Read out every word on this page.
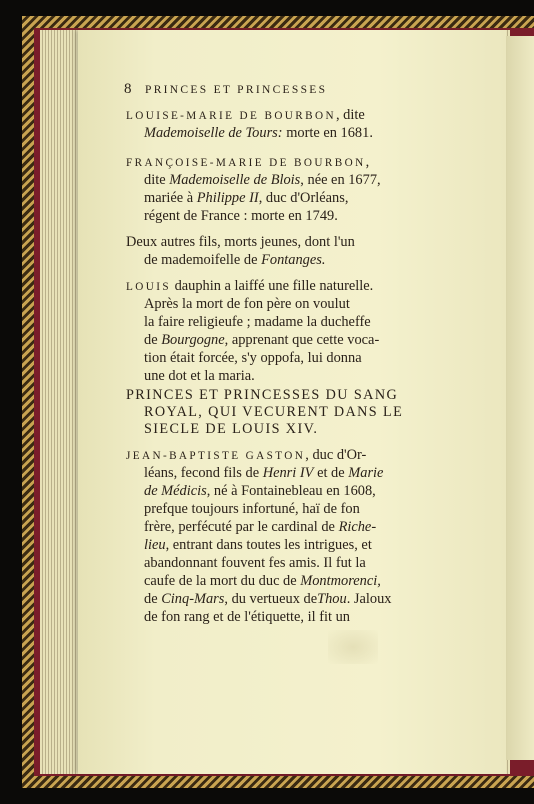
8 PRINCES ET PRINCESSES
LOUISE-MARIE DE BOURBON, dite
Mademoiselle de Tours: morte en 1681.
FRANÇOISE-MARIE DE BOURBON,
dite Mademoiselle de Blois, née en 1677,
mariée à Philippe II, duc d'Orléans,
régent de France : morte en 1749.
Deux autres fils, morts jeunes, dont l'un
de mademoifelle de Fontanges.
LOUIS dauphin a laiffé une fille naturelle.
Après la mort de fon père on voulut
la faire religieufe ; madame la ducheffe
de Bourgogne, apprenant que cette voca-
tion était forcée, s'y oppofa, lui donna
une dot et la maria.
PRINCES ET PRINCESSES DU SANG
ROYAL, QUI VECURENT DANS LE
SIECLE DE LOUIS XIV.
JEAN-BAPTISTE GASTON, duc d'Or-
léans, fecond fils de Henri IV et de Marie
de Médicis, né à Fontainebleau en 1608,
prefque toujours infortuné, haï de fon
frère, perfécuté par le cardinal de Riche-
lieu, entrant dans toutes les intrigues, et
abandonnant fouvent fes amis. Il fut la
caufe de la mort du duc de Montmorenci,
de Cinq-Mars, du vertueux deThou. Jaloux
de fon rang et de l'étiquette, il fit un
